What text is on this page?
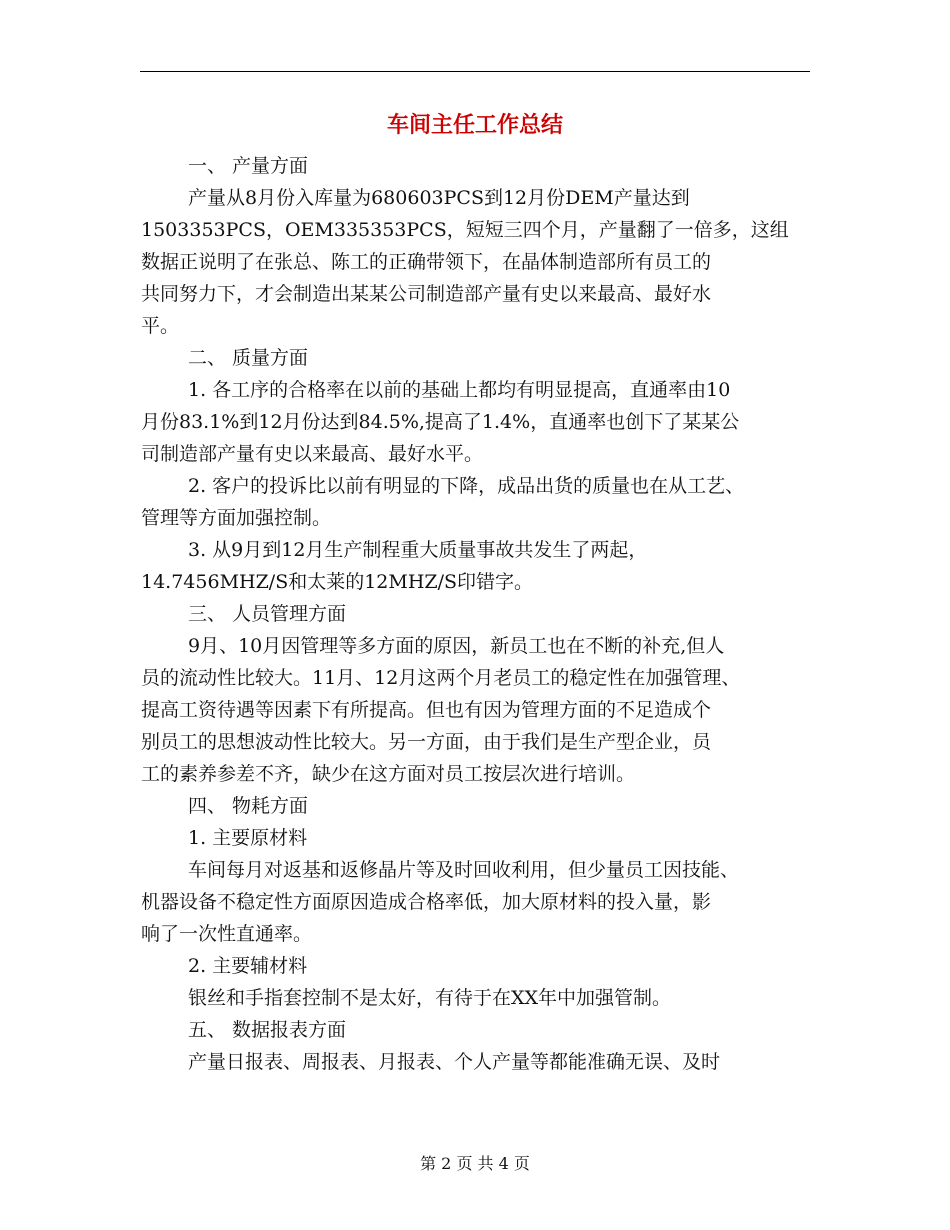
车间主任工作总结
一、 产量方面
产量从8月份入库量为680603PCS到12月份DEM产量达到
1503353PCS，OEM335353PCS，短短三四个月，产量翻了一倍多，这组
数据正说明了在张总、陈工的正确带领下，在晶体制造部所有员工的
共同努力下，才会制造出某某公司制造部产量有史以来最高、最好水
平。
二、 质量方面
1. 各工序的合格率在以前的基础上都均有明显提高，直通率由10
月份83.1%到12月份达到84.5%,提高了1.4%，直通率也创下了某某公
司制造部产量有史以来最高、最好水平。
2. 客户的投诉比以前有明显的下降，成品出货的质量也在从工艺、
管理等方面加强控制。
3. 从9月到12月生产制程重大质量事故共发生了两起，
14.7456MHZ/S和太莱的12MHZ/S印错字。
三、 人员管理方面
9月、10月因管理等多方面的原因，新员工也在不断的补充,但人
员的流动性比较大。11月、12月这两个月老员工的稳定性在加强管理、
提高工资待遇等因素下有所提高。但也有因为管理方面的不足造成个
别员工的思想波动性比较大。另一方面，由于我们是生产型企业，员
工的素养参差不齐，缺少在这方面对员工按层次进行培训。
四、 物耗方面
1. 主要原材料
车间每月对返基和返修晶片等及时回收利用，但少量员工因技能、
机器设备不稳定性方面原因造成合格率低，加大原材料的投入量，影
响了一次性直通率。
2. 主要辅材料
银丝和手指套控制不是太好，有待于在XX年中加强管制。
五、 数据报表方面
产量日报表、周报表、月报表、个人产量等都能准确无误、及时
第 2 页 共 4 页
